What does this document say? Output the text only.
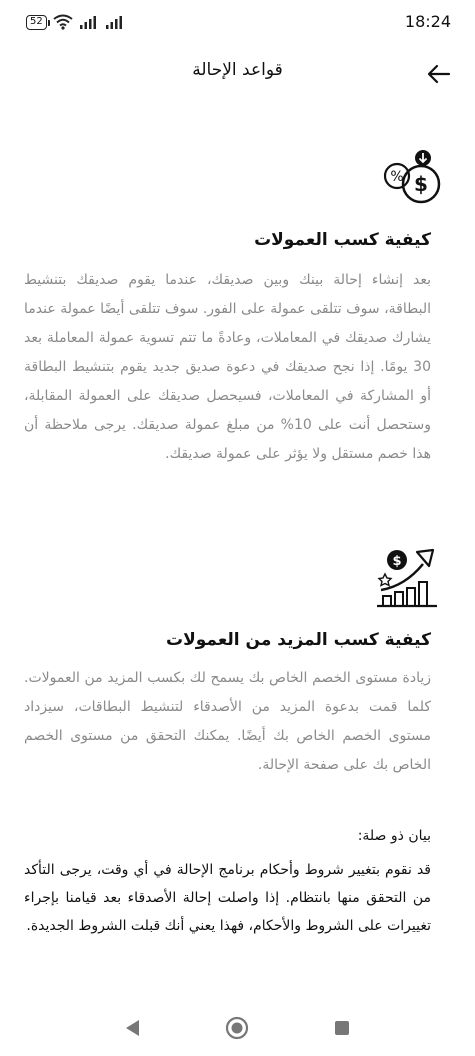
52	18:24
قواعد الإحالة
% $
كيفية كسب العمولات
بعد إنشاء إحالة بينك وبين صديقك، عندما يقوم صديقك بتنشيط البطاقة، سوف تتلقى عمولة على الفور. سوف تتلقى أيضًا عمولة عندما يشارك صديقك في المعاملات، وعادةً ما تتم تسوية عمولة المعاملة بعد 30 يومًا. إذا نجح صديقك في دعوة صديق جديد يقوم بتنشيط البطاقة أو المشاركة في المعاملات، فسيحصل صديقك على العمولة المقابلة، وستحصل أنت على 10% من مبلغ عمولة صديقك. يرجى ملاحظة أن هذا خصم مستقل ولا يؤثر على عمولة صديقك.
$
كيفية كسب المزيد من العمولات
زيادة مستوى الخصم الخاص بك يسمح لك بكسب المزيد من العمولات. كلما قمت بدعوة المزيد من الأصدقاء لتنشيط البطاقات، سيزداد مستوى الخصم الخاص بك أيضًا. يمكنك التحقق من مستوى الخصم الخاص بك على صفحة الإحالة.
بيان ذو صلة:
قد نقوم بتغيير شروط وأحكام برنامج الإحالة في أي وقت، يرجى التأكد من التحقق منها بانتظام. إذا واصلت إحالة الأصدقاء بعد قيامنا بإجراء تغييرات على الشروط والأحكام، فهذا يعني أنك قبلت الشروط الجديدة.
